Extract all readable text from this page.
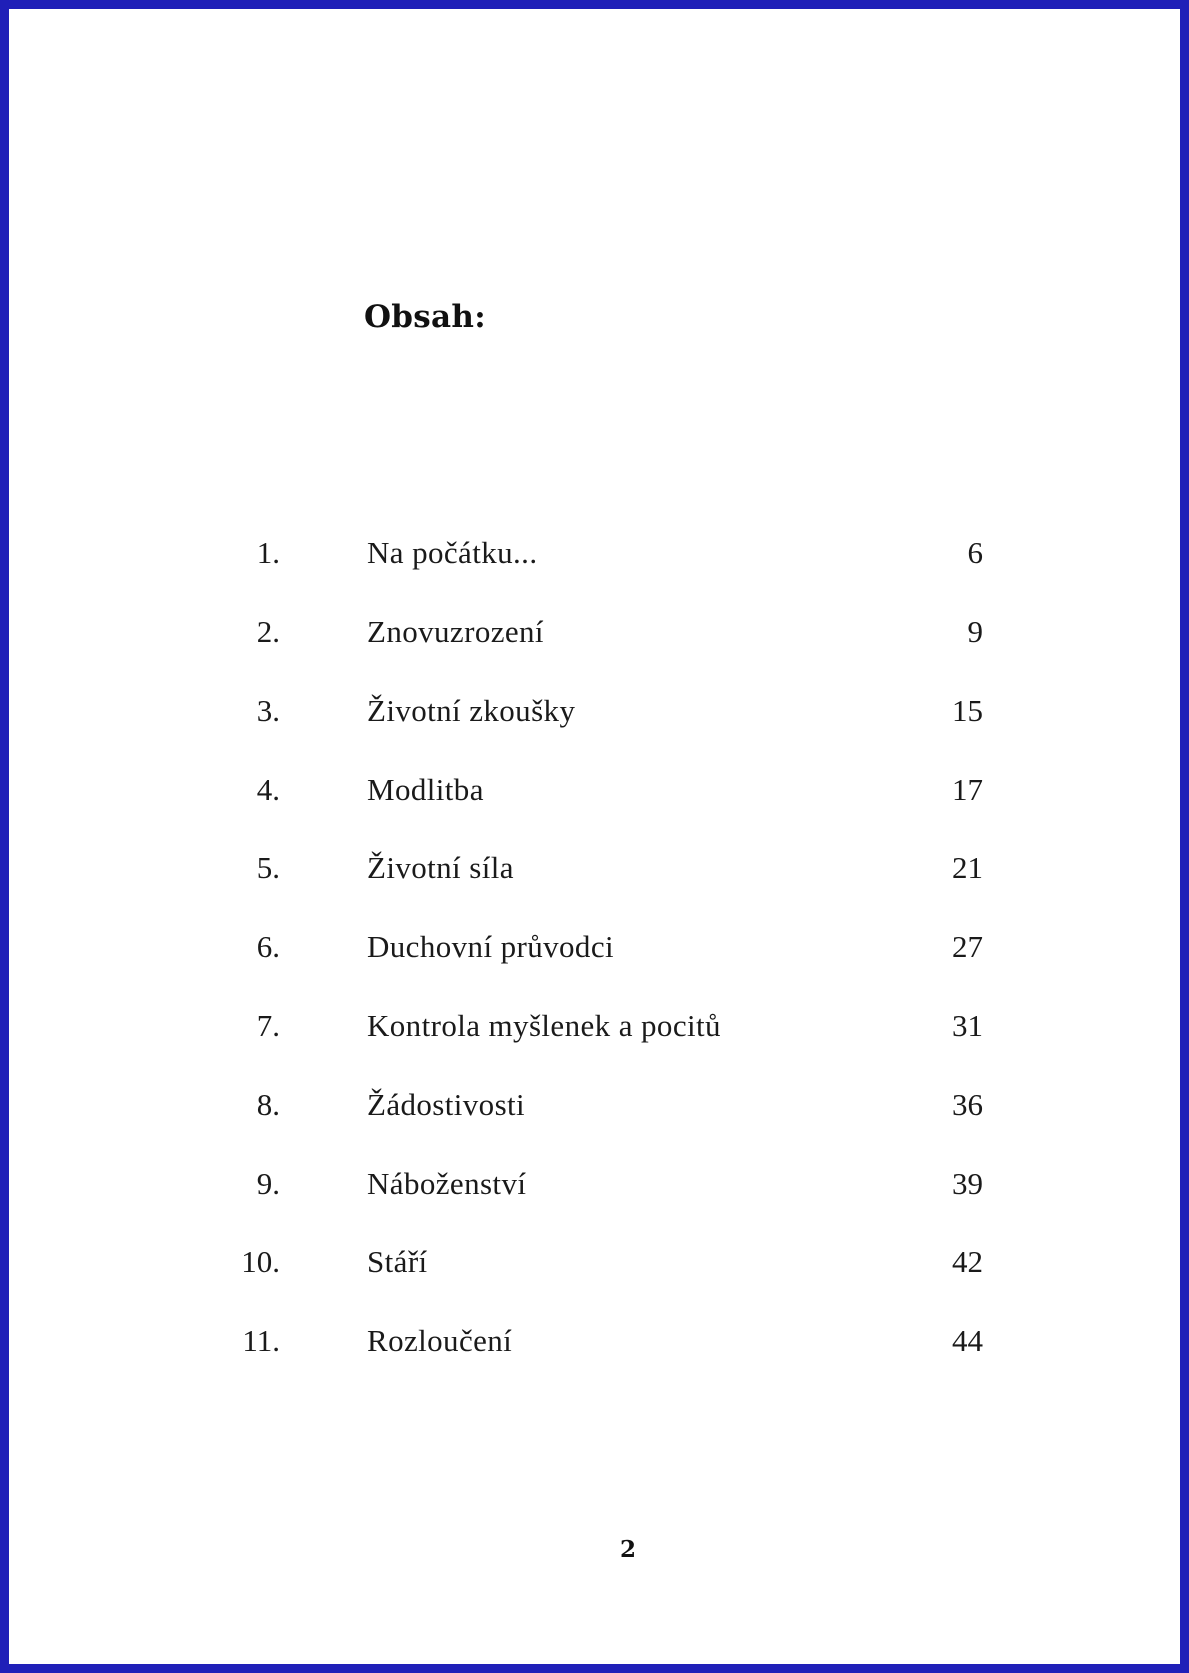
Obsah:
1.	Na počátku...	6
2.	Znovuzrození	9
3.	Životní zkoušky	15
4.	Modlitba	17
5.	Životní síla	21
6.	Duchovní průvodci	27
7.	Kontrola myšlenek a pocitů	31
8.	Žádostivosti	36
9.	Náboženství	39
10.	Stáří	42
11.	Rozloučení	44
2
